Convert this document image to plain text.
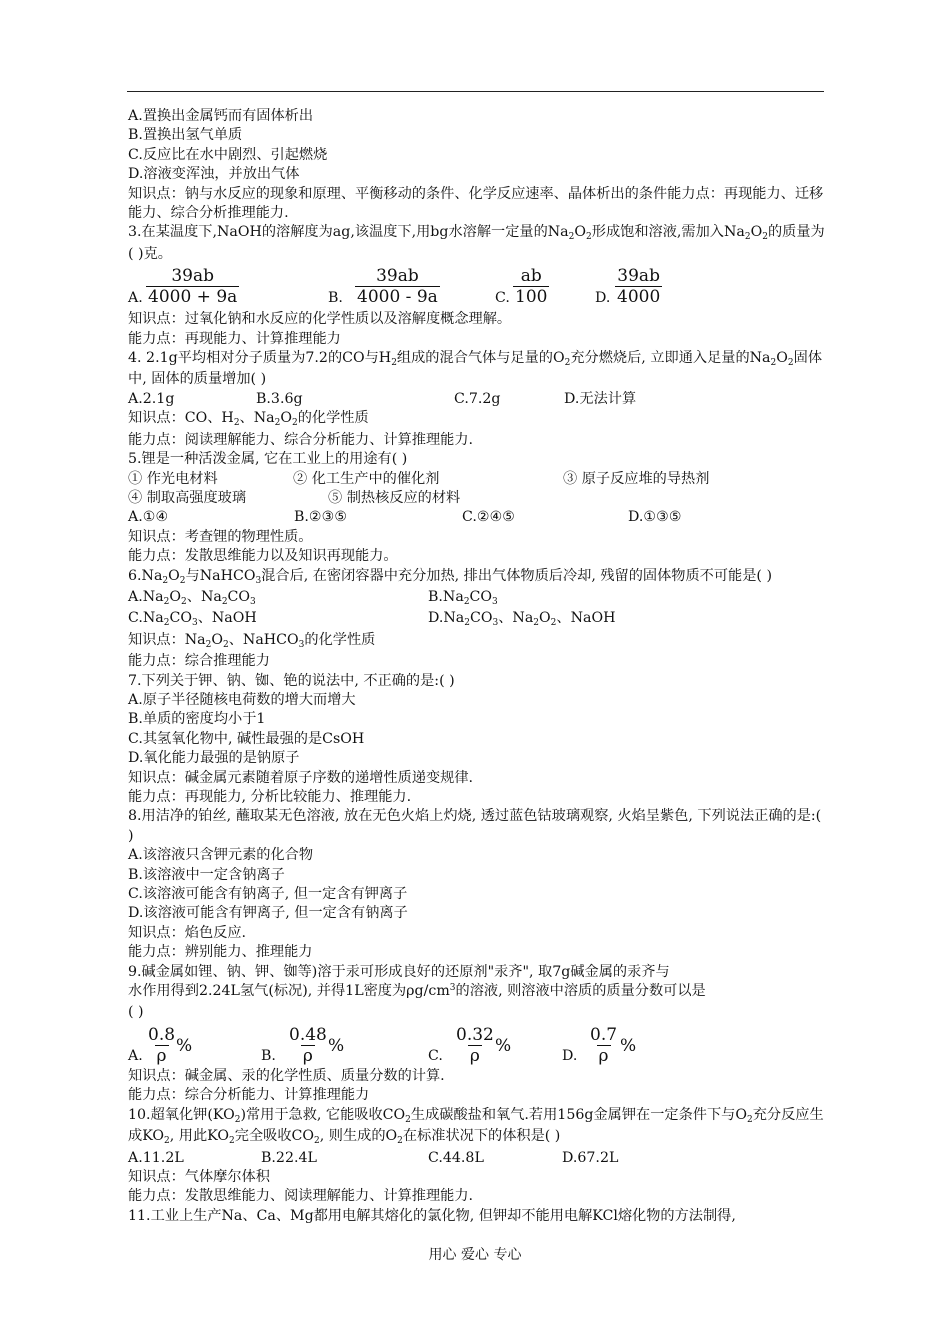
A.置换出金属钙而有固体析出
B.置换出氢气单质
C.反应比在水中剧烈、引起燃烧
D.溶液变浑浊，并放出气体
知识点：钠与水反应的现象和原理、平衡移动的条件、化学反应速率、晶体析出的条件能力点：再现能力、迁移能力、综合分析推理能力.
3.在某温度下,NaOH的溶解度为ag,该温度下,用bg水溶解一定量的$Na_2O_2$形成饱和溶液,需加入$Na_2O_2$的质量为( )克。
A. $\frac{39ab}{4000 + 9a}$	B. $\frac{39ab}{4000 - 9a}$	C. $\frac{ab}{100}$	D. $\frac{39ab}{4000}$
知识点：过氧化钠和水反应的化学性质以及溶解度概念理解。
能力点：再现能力、计算推理能力
4. 2.1g平均相对分子质量为7.2的CO与$H_2$组成的混合气体与足量的$O_2$充分燃烧后, 立即通入足量的$Na_2O_2$固体中, 固体的质量增加( )
A.2.1g	B.3.6g	C.7.2g	D.无法计算
知识点：CO、$H_2$、$Na_2O_2$的化学性质
能力点：阅读理解能力、综合分析能力、计算推理能力.
5.锂是一种活泼金属, 它在工业上的用途有( )
① 作光电材料	② 化工生产中的催化剂	③ 原子反应堆的导热剂
④ 制取高强度玻璃	⑤ 制热核反应的材料
A.①④	B.②③⑤	C.②④⑤	D.①③⑤
知识点：考查锂的物理性质。
能力点：发散思维能力以及知识再现能力。
$6.Na_2O_2$与NaHCO$_3$混合后, 在密闭容器中充分加热, 排出气体物质后冷却, 残留的固体物质不可能是( )
$A.Na_2O_2$、$Na_2CO_3$	$B.Na_2CO_3$
$C.Na_2CO_3$、NaOH	$D.Na_2CO_3$、$Na_2O_2$、NaOH
知识点：$Na_2O_2$、NaHCO$_3$的化学性质
能力点：综合推理能力
7.下列关于钾、钠、铷、铯的说法中, 不正确的是:( )
A.原子半径随核电荷数的增大而增大
B.单质的密度均小于1
C.其氢氧化物中, 碱性最强的是CsOH
D.氧化能力最强的是钠原子
知识点：碱金属元素随着原子序数的递增性质递变规律.
能力点：再现能力, 分析比较能力、推理能力.
8.用洁净的铂丝, 蘸取某无色溶液, 放在无色火焰上灼烧, 透过蓝色钴玻璃观察, 火焰呈紫色, 下列说法正确的是:( )
A.该溶液只含钾元素的化合物
B.该溶液中一定含钠离子
C.该溶液可能含有钠离子, 但一定含有钾离子
D.该溶液可能含有钾离子, 但一定含有钠离子
知识点：焰色反应.
能力点：辨别能力、推理能力
9.碱金属如锂、钠、钾、铷等)溶于汞可形成良好的还原剂"汞齐", 取7g碱金属的汞齐与
水作用得到2.24L氢气(标况), 并得1L密度为$\rho g/cm^3$的溶液, 则溶液中溶质的质量分数可以是
( )
A. $\frac{0.8}{\rho}$
%
B. $\frac{0.48}{\rho}$ %
C. $\frac{0.32}{\rho}$ %
D. $\frac{0.7}{\rho}$ %
知识点：碱金属、汞的化学性质、质量分数的计算.
能力点：综合分析能力、计算推理能力
10.超氧化钾$(KO_2)$常用于急救, 它能吸收$CO_2$生成碳酸盐和氧气.若用156g金属钾在一定条件下与$O_2$充分反应生成$KO_2$, 用此$KO_2$完全吸收$CO_2$, 则生成的$O_2$在标准状况下的体积是( )
A.11.2L	B.22.4L	C.44.8L	D.67.2L
知识点：气体摩尔体积
能力点：发散思维能力、阅读理解能力、计算推理能力.
11.工业上生产Na、Ca、Mg都用电解其熔化的氯化物, 但钾却不能用电解KCl熔化物的方法制得,
用心 爱心 专心
